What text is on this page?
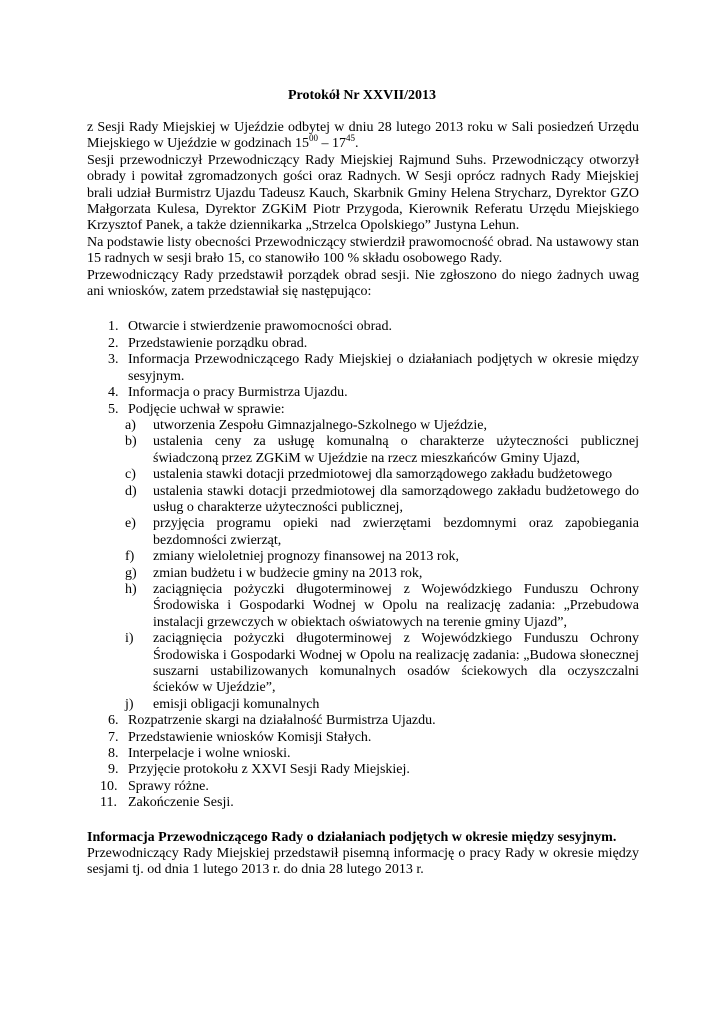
Protokół Nr XXVII/2013

z Sesji Rady Miejskiej w Ujeździe odbytej w dniu 28 lutego 2013 roku w Sali posiedzeń Urzędu Miejskiego w Ujeździe w godzinach $15^{00} - 17^{45}$.

Sesji przewodniczył Przewodniczący Rady Miejskiej Rajmund Suhs. Przewodniczący otworzył obrady i powitał zgromadzonych gości oraz Radnych. W Sesji oprócz radnych Rady Miejskiej brali udział Burmistrz Ujazdu Tadeusz Kauch, Skarbnik Gminy Helena Strycharz, Dyrektor GZO Małgorzata Kulesa, Dyrektor ZGKiM Piotr Przygoda, Kierownik Referatu Urzędu Miejskiego Krzysztof Panek, a także dziennikarka „Strzelca Opolskiego” Justyna Lehun.

Na podstawie listy obecności Przewodniczący stwierdził prawomocność obrad. Na ustawowy stan 15 radnych w sesji brało 15, co stanowiło 100 % składu osobowego Rady.

Przewodniczący Rady przedstawił porządek obrad sesji. Nie zgłoszono do niego żadnych uwag ani wniosków, zatem przedstawiał się następująco:

1. Otwarcie i stwierdzenie prawomocności obrad.
2. Przedstawienie porządku obrad.
3. Informacja Przewodniczącego Rady Miejskiej o działaniach podjętych w okresie między sesyjnym.
4. Informacja o pracy Burmistrza Ujazdu.
5. Podjęcie uchwał w sprawie:
a) utworzenia Zespołu Gimnazjalnego-Szkolnego w Ujeździe,
b) ustalenia ceny za usługę komunalną o charakterze użyteczności publicznej świadczoną przez ZGKiM w Ujeździe na rzecz mieszkańców Gminy Ujazd,
c) ustalenia stawki dotacji przedmiotowej dla samorządowego zakładu budżetowego
d) ustalenia stawki dotacji przedmiotowej dla samorządowego zakładu budżetowego do usług o charakterze użyteczności publicznej,
e) przyjęcia programu opieki nad zwierzętami bezdomnymi oraz zapobiegania bezdomności zwierząt,
f) zmiany wieloletniej prognozy finansowej na 2013 rok,
g) zmian budżetu i w budżecie gminy na 2013 rok,
h) zaciągnięcia pożyczki długoterminowej z Wojewódzkiego Funduszu Ochrony Środowiska i Gospodarki Wodnej w Opolu na realizację zadania: „Przebudowa instalacji grzewczych w obiektach oświatowych na terenie gminy Ujazd”,
i) zaciągnięcia pożyczki długoterminowej z Wojewódzkiego Funduszu Ochrony Środowiska i Gospodarki Wodnej w Opolu na realizację zadania: „Budowa słonecznej suszarni ustabilizowanych komunalnych osadów ściekowych dla oczyszczalni ścieków w Ujeździe”,
j) emisji obligacji komunalnych
6. Rozpatrzenie skargi na działalność Burmistrza Ujazdu.
7. Przedstawienie wniosków Komisji Stałych.
8. Interpelacje i wolne wnioski.
9. Przyjęcie protokołu z XXVI Sesji Rady Miejskiej.
10. Sprawy różne.
11. Zakończenie Sesji.

Informacja Przewodniczącego Rady o działaniach podjętych w okresie między sesyjnym.

Przewodniczący Rady Miejskiej przedstawił pisemną informację o pracy Rady w okresie między sesjami tj. od dnia 1 lutego 2013 r. do dnia 28 lutego 2013 r.
